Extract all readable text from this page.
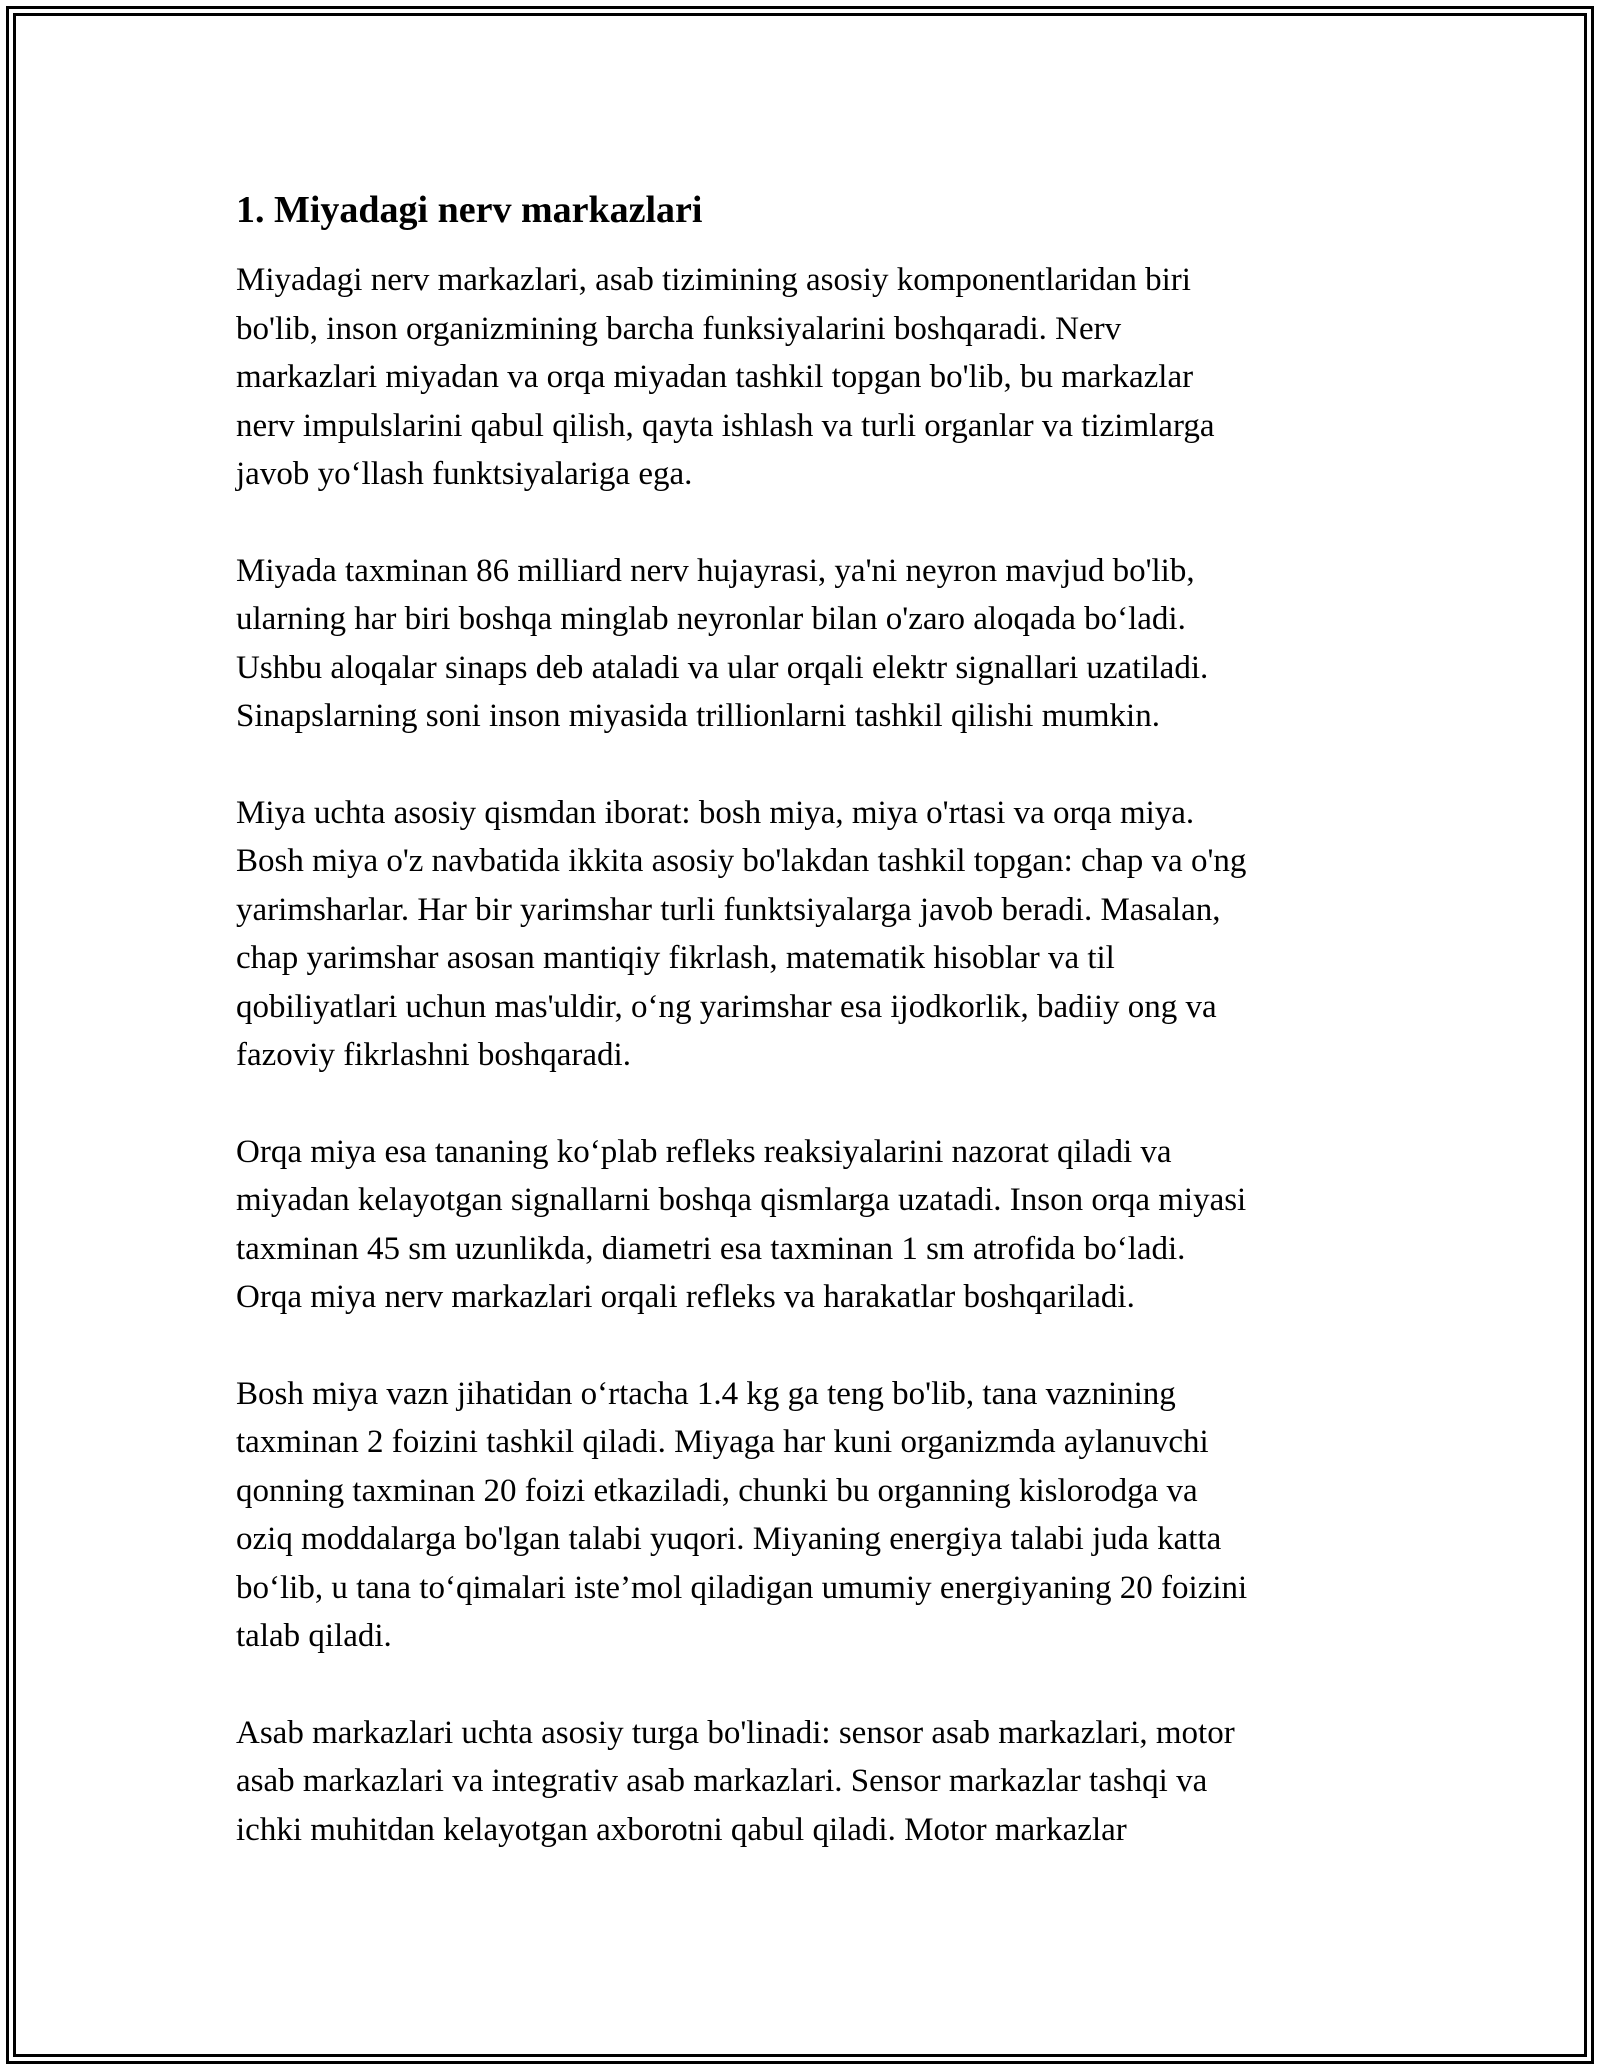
1. Miyadagi nerv markazlari

Miyadagi nerv markazlari, asab tizimining asosiy komponentlaridan biri
bo'lib, inson organizmining barcha funksiyalarini boshqaradi. Nerv
markazlari miyadan va orqa miyadan tashkil topgan bo'lib, bu markazlar
nerv impulslarini qabul qilish, qayta ishlash va turli organlar va tizimlarga
javob yo‘llash funktsiyalariga ega.

Miyada taxminan 86 milliard nerv hujayrasi, ya'ni neyron mavjud bo'lib,
ularning har biri boshqa minglab neyronlar bilan o'zaro aloqada bo‘ladi.
Ushbu aloqalar sinaps deb ataladi va ular orqali elektr signallari uzatiladi.
Sinapslarning soni inson miyasida trillionlarni tashkil qilishi mumkin.

Miya uchta asosiy qismdan iborat: bosh miya, miya o'rtasi va orqa miya.
Bosh miya o'z navbatida ikkita asosiy bo'lakdan tashkil topgan: chap va o'ng
yarimsharlar. Har bir yarimshar turli funktsiyalarga javob beradi. Masalan,
chap yarimshar asosan mantiqiy fikrlash, matematik hisoblar va til
qobiliyatlari uchun mas'uldir, o‘ng yarimshar esa ijodkorlik, badiiy ong va
fazoviy fikrlashni boshqaradi.

Orqa miya esa tananing ko‘plab refleks reaksiyalarini nazorat qiladi va
miyadan kelayotgan signallarni boshqa qismlarga uzatadi. Inson orqa miyasi
taxminan 45 sm uzunlikda, diametri esa taxminan 1 sm atrofida bo‘ladi.
Orqa miya nerv markazlari orqali refleks va harakatlar boshqariladi.

Bosh miya vazn jihatidan o‘rtacha 1.4 kg ga teng bo'lib, tana vaznining
taxminan 2 foizini tashkil qiladi. Miyaga har kuni organizmda aylanuvchi
qonning taxminan 20 foizi etkaziladi, chunki bu organning kislorodga va
oziq moddalarga bo'lgan talabi yuqori. Miyaning energiya talabi juda katta
bo‘lib, u tana to‘qimalari iste’mol qiladigan umumiy energiyaning 20 foizini
talab qiladi.

Asab markazlari uchta asosiy turga bo'linadi: sensor asab markazlari, motor
asab markazlari va integrativ asab markazlari. Sensor markazlar tashqi va
ichki muhitdan kelayotgan axborotni qabul qiladi. Motor markazlar
